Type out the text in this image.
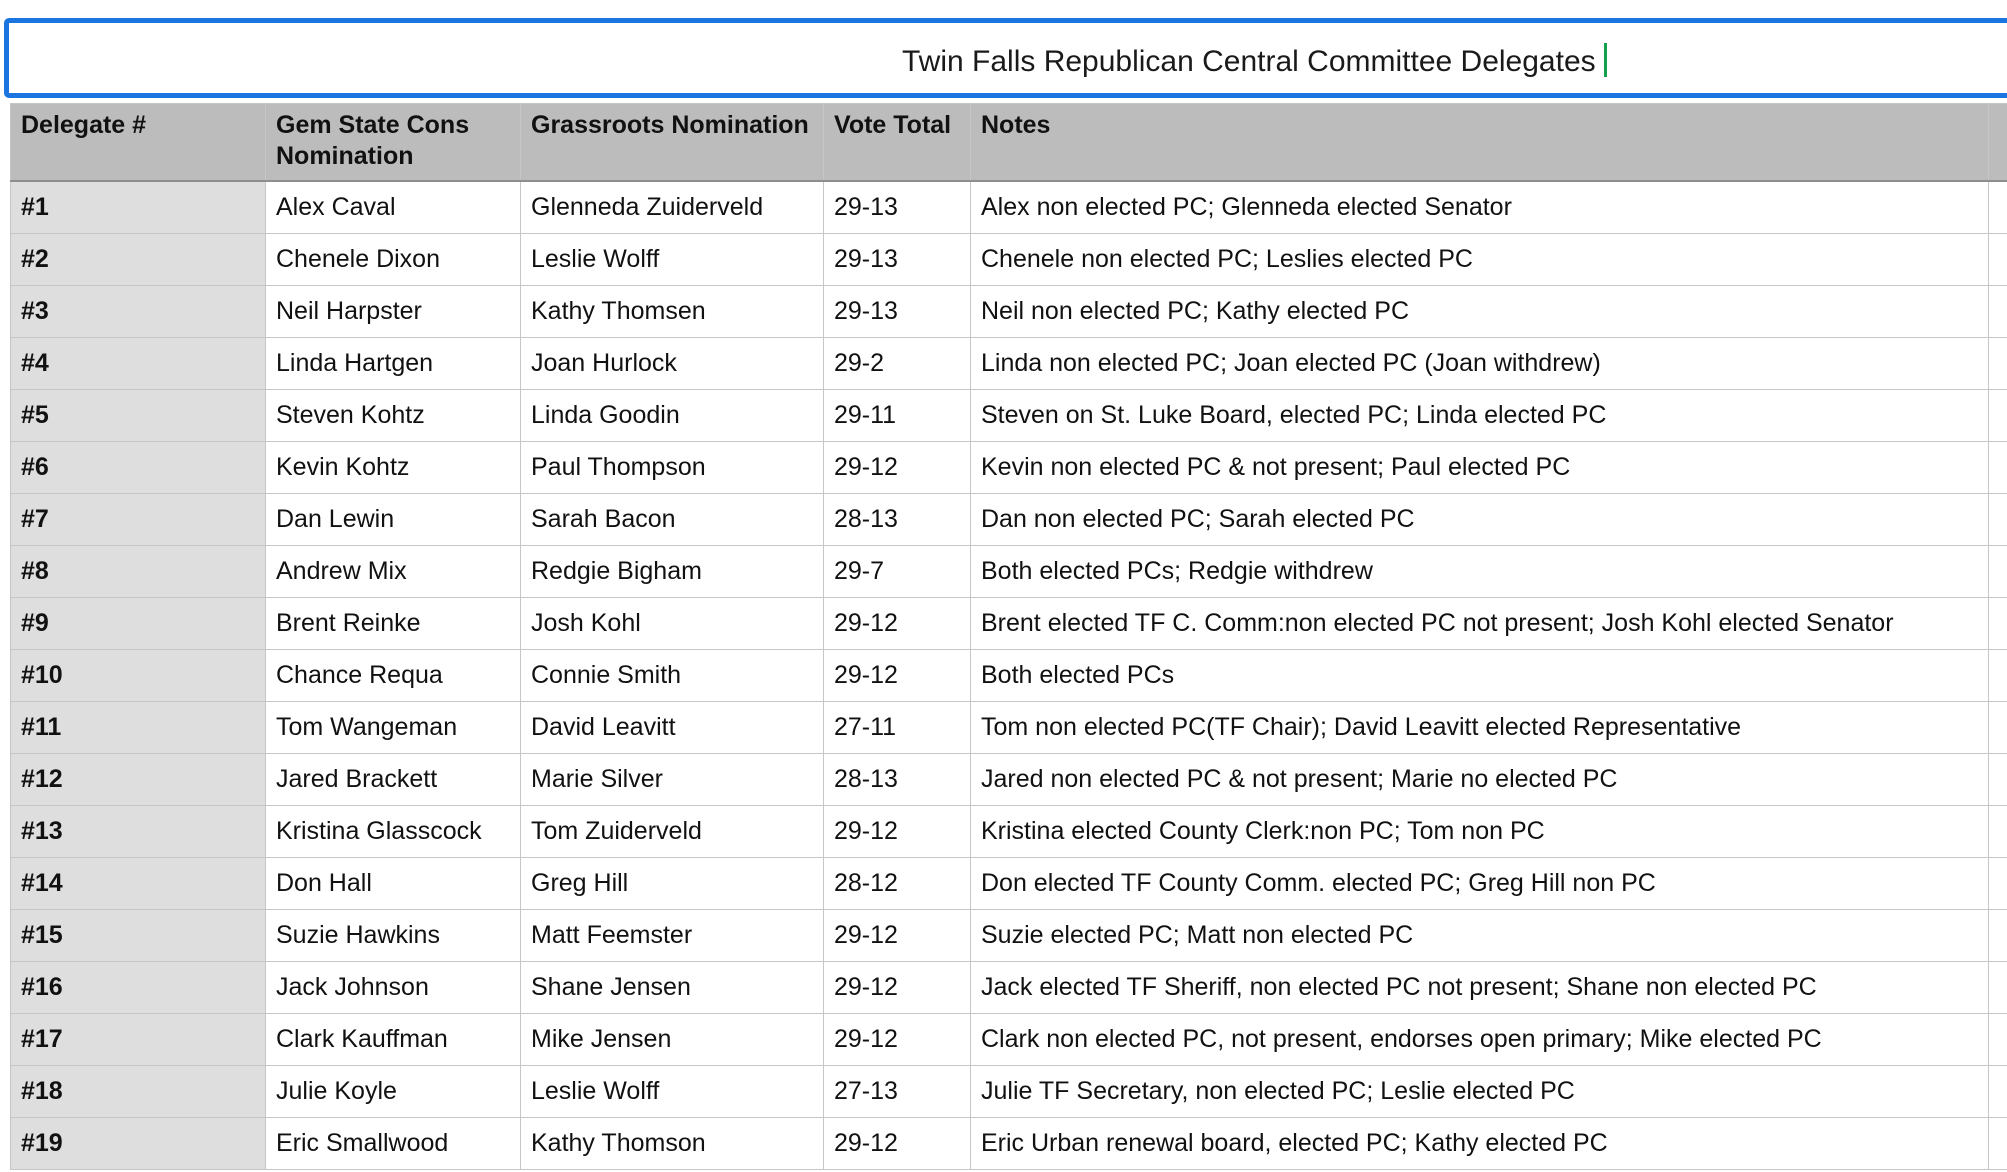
Twin Falls Republican Central Committee Delegates
Delegate #	Gem State Cons Nomination	Grassroots Nomination	Vote Total	Notes	
#1	Alex Caval	Glenneda Zuiderveld	29-13	Alex non elected PC; Glenneda elected Senator	
#2	Chenele Dixon	Leslie Wolff	29-13	Chenele non elected PC; Leslies elected PC	
#3	Neil Harpster	Kathy Thomsen	29-13	Neil non elected PC; Kathy elected PC	
#4	Linda Hartgen	Joan Hurlock	29-2	Linda non elected PC; Joan elected PC (Joan withdrew)	
#5	Steven Kohtz	Linda Goodin	29-11	Steven on St. Luke Board, elected PC; Linda elected PC	
#6	Kevin Kohtz	Paul Thompson	29-12	Kevin non elected PC & not present; Paul elected PC	
#7	Dan Lewin	Sarah Bacon	28-13	Dan non elected PC; Sarah elected PC	
#8	Andrew Mix	Redgie Bigham	29-7	Both elected PCs; Redgie withdrew	
#9	Brent Reinke	Josh Kohl	29-12	Brent elected TF C. Comm:non elected PC not present; Josh Kohl elected Senator	
#10	Chance Requa	Connie Smith	29-12	Both elected PCs	
#11	Tom Wangeman	David Leavitt	27-11	Tom non elected PC(TF Chair); David Leavitt elected Representative	
#12	Jared Brackett	Marie Silver	28-13	Jared non elected PC & not present; Marie no elected PC	
#13	Kristina Glasscock	Tom Zuiderveld	29-12	Kristina elected County Clerk:non PC; Tom non PC	
#14	Don Hall	Greg Hill	28-12	Don elected TF County Comm. elected PC; Greg Hill non PC	
#15	Suzie Hawkins	Matt Feemster	29-12	Suzie elected PC; Matt non elected PC	
#16	Jack Johnson	Shane Jensen	29-12	Jack elected TF Sheriff, non elected PC not present; Shane non elected PC	
#17	Clark Kauffman	Mike Jensen	29-12	Clark non elected PC, not present, endorses open primary; Mike elected PC	
#18	Julie Koyle	Leslie Wolff	27-13	Julie TF Secretary, non elected PC; Leslie elected PC	
#19	Eric Smallwood	Kathy Thomson	29-12	Eric Urban renewal board, elected PC; Kathy elected PC	
